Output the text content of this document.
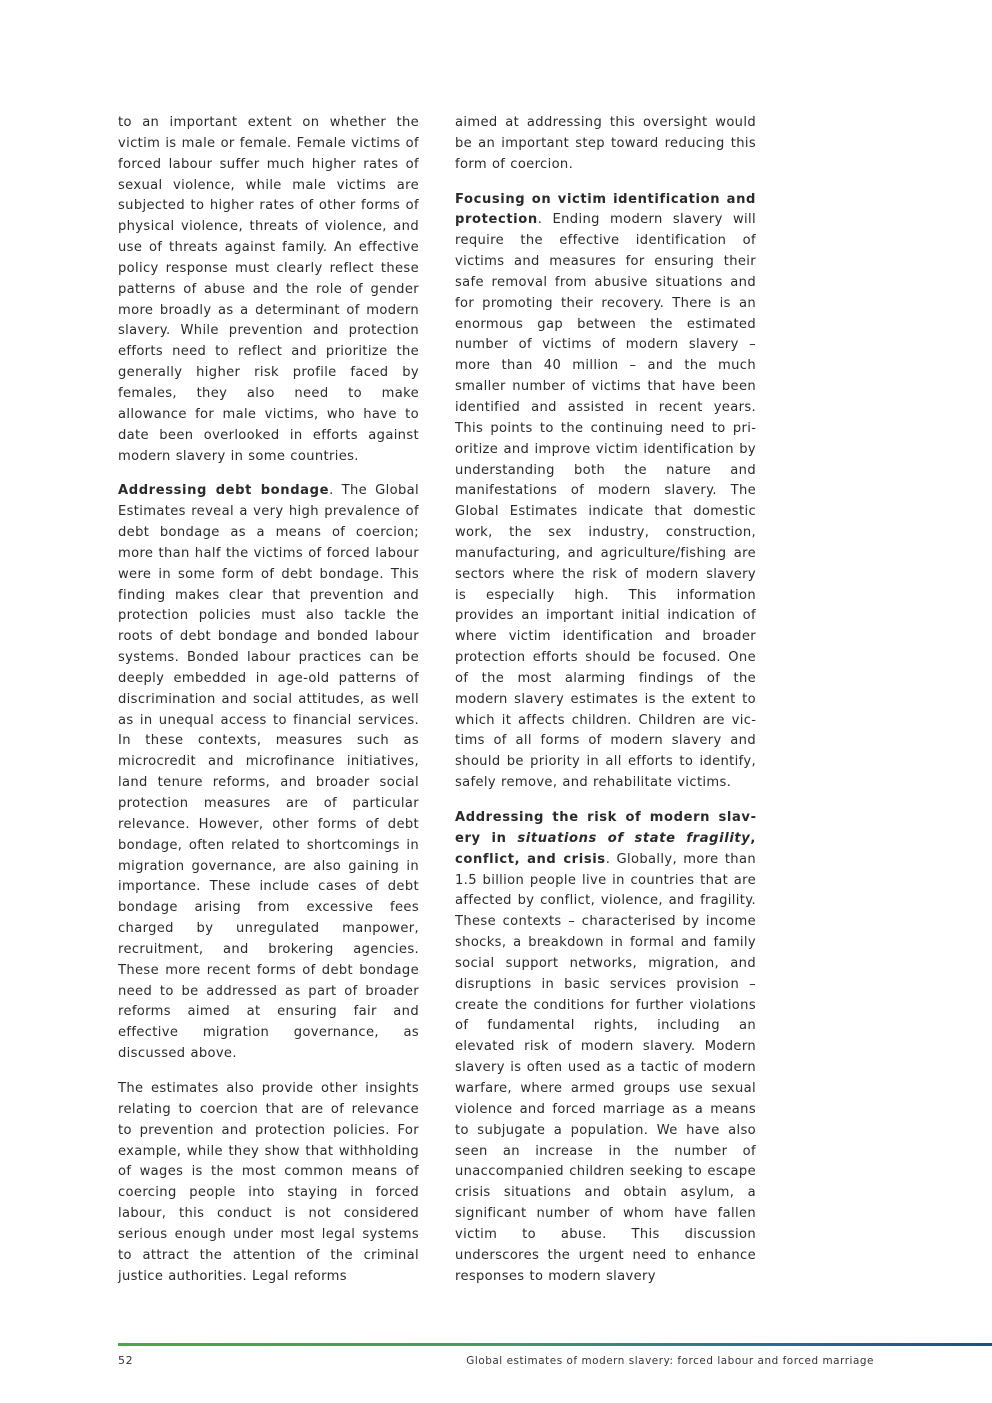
to an important extent on whether the victim is male or female. Female victims of forced labour suffer much higher rates of sexual violence, while male victims are subjected to higher rates of other forms of physical violence, threats of violence, and use of threats against family. An effective policy response must clearly reflect these patterns of abuse and the role of gender more broadly as a determinant of modern slavery. While prevention and protection efforts need to reflect and prioritize the generally higher risk profile faced by females, they also need to make allowance for male victims, who have to date been overlooked in efforts against modern slavery in some countries.

Addressing debt bondage. The Global Estimates reveal a very high prevalence of debt bondage as a means of coercion; more than half the victims of forced labour were in some form of debt bondage. This finding makes clear that prevention and protection policies must also tackle the roots of debt bondage and bonded labour systems. Bonded labour practices can be deeply embedded in age-old patterns of discrimination and social attitudes, as well as in unequal access to financial services. In these contexts, measures such as microcredit and microfinance initiatives, land tenure reforms, and broader social protection measures are of particular relevance. However, other forms of debt bondage, often related to shortcomings in migration governance, are also gaining in importance. These include cases of debt bondage arising from excessive fees charged by unregulated manpower, recruitment, and brokering agencies. These more recent forms of debt bondage need to be addressed as part of broader reforms aimed at ensuring fair and effective migration governance, as discussed above.

The estimates also provide other insights relating to coercion that are of relevance to prevention and protection policies. For example, while they show that withholding of wages is the most common means of coercing people into staying in forced labour, this conduct is not considered serious enough under most legal systems to attract the attention of the criminal justice authorities. Legal reforms

aimed at addressing this oversight would be an important step toward reducing this form of coercion.

Focusing on victim identification and protection. Ending modern slavery will require the effective identification of victims and measures for ensuring their safe removal from abusive situations and for promoting their recovery. There is an enormous gap between the estimated number of victims of modern slavery – more than 40 million – and the much smaller number of victims that have been identified and assisted in recent years. This points to the continuing need to prioritize and improve victim identification by understanding both the nature and manifestations of modern slavery. The Global Estimates indicate that domestic work, the sex industry, construction, manufacturing, and agriculture/fishing are sectors where the risk of modern slavery is especially high. This information provides an important initial indication of where victim identification and broader protection efforts should be focused. One of the most alarming findings of the modern slavery estimates is the extent to which it affects children. Children are victims of all forms of modern slavery and should be priority in all efforts to identify, safely remove, and rehabilitate victims.

Addressing the risk of modern slavery in situations of state fragility, conflict, and crisis. Globally, more than 1.5 billion people live in countries that are affected by conflict, violence, and fragility. These contexts – characterised by income shocks, a breakdown in formal and family social support networks, migration, and disruptions in basic services provision – create the conditions for further violations of fundamental rights, including an elevated risk of modern slavery. Modern slavery is often used as a tactic of modern warfare, where armed groups use sexual violence and forced marriage as a means to subjugate a population. We have also seen an increase in the number of unaccompanied children seeking to escape crisis situations and obtain asylum, a significant number of whom have fallen victim to abuse. This discussion underscores the urgent need to enhance responses to modern slavery

52	Global estimates of modern slavery: forced labour and forced marriage
